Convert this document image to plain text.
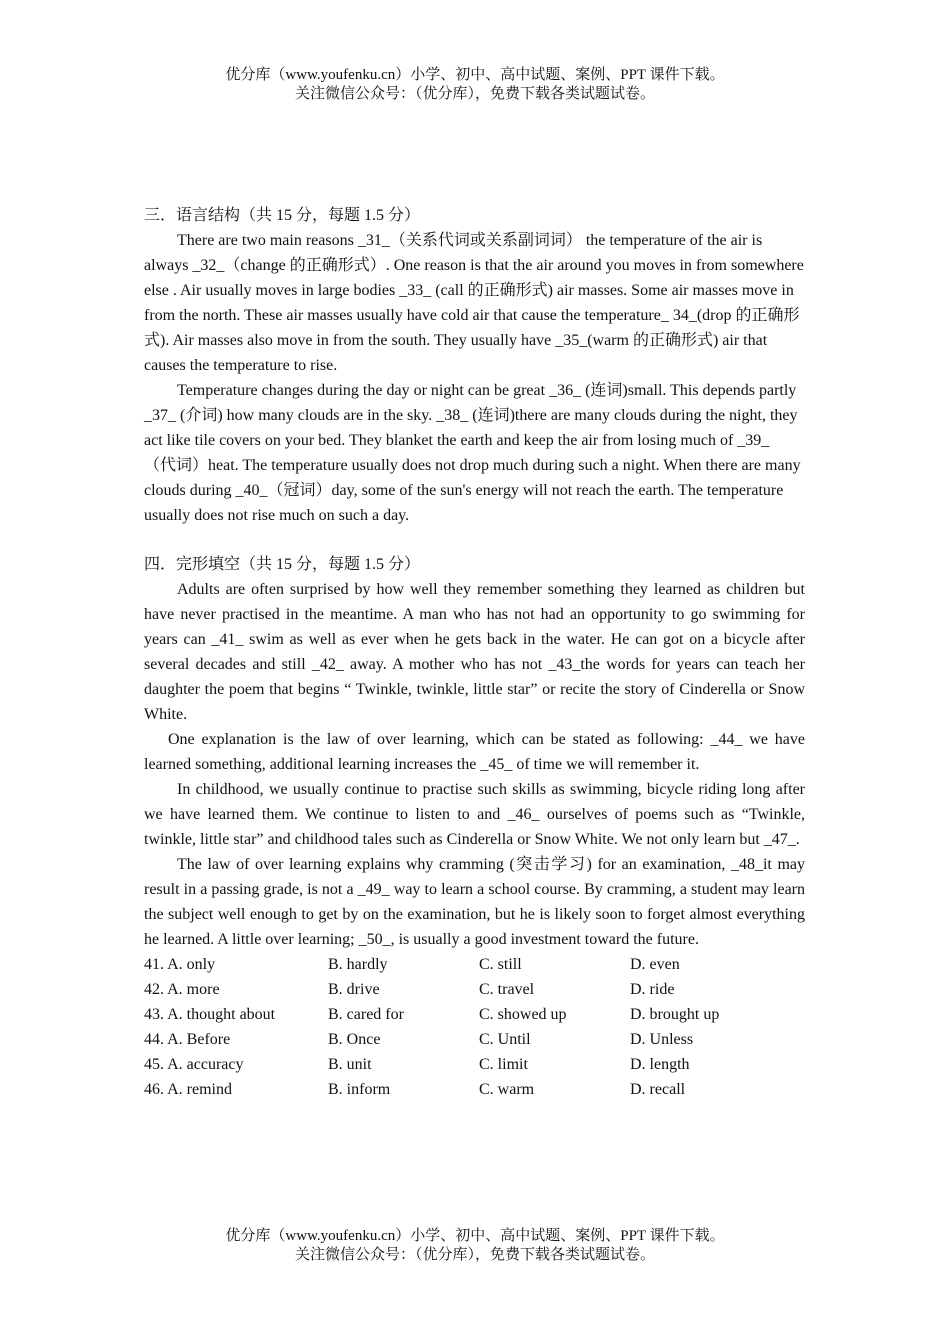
优分库（www.youfenku.cn）小学、初中、高中试题、案例、PPT 课件下载。
关注微信公众号：（优分库），免费下载各类试题试卷。
三．语言结构（共 15 分，每题 1.5 分）

There are two main reasons _31_（关系代词或关系副词词） the temperature of the air is always _32_（change 的正确形式）. One reason is that the air around you moves in from somewhere else . Air usually moves in large bodies _33_ (call 的正确形式) air masses. Some air masses move in from the north. These air masses usually have cold air that cause the temperature_ 34_(drop 的正确形式). Air masses also move in from the south. They usually have _35_(warm 的正确形式) air that causes the temperature to rise.

Temperature changes during the day or night can be great _36_ (连词)small. This depends partly _37_ (介词) how many clouds are in the sky. _38_ (连词)there are many clouds during the night, they act like tile covers on your bed. They blanket the earth and keep the air from losing much of _39_ （代词）heat. The temperature usually does not drop much during such a night. When there are many clouds during _40_（冠词）day, some of the sun's energy will not reach the earth. The temperature usually does not rise much on such a day.

四．完形填空（共 15 分，每题 1.5 分）

Adults are often surprised by how well they remember something they learned as children but have never practised in the meantime. A man who has not had an opportunity to go swimming for years can _41_ swim as well as ever when he gets back in the water. He can got on a bicycle after several decades and still _42_ away. A mother who has not _43_the words for years can teach her daughter the poem that begins “ Twinkle, twinkle, little star” or recite the story of Cinderella or Snow White.

One explanation is the law of over learning, which can be stated as following: _44_ we have learned something, additional learning increases the _45_ of time we will remember it.

In childhood, we usually continue to practise such skills as swimming, bicycle riding long after we have learned them. We continue to listen to and _46_ ourselves of poems such as “Twinkle, twinkle, little star” and childhood tales such as Cinderella or Snow White. We not only learn but _47_.

The law of over learning explains why cramming (突击学习) for an examination, _48_it may result in a passing grade, is not a _49_ way to learn a school course. By cramming, a student may learn the subject well enough to get by on the examination, but he is likely soon to forget almost everything he learned. A little over learning; _50_, is usually a good investment toward the future.

41. A. only	B. hardly	C. still	D. even
42. A. more	B. drive	C. travel	D. ride
43. A. thought about	B. cared for	C. showed up	D. brought up
44. A. Before	B. Once	C. Until	D. Unless
45. A. accuracy	B. unit	C. limit	D. length
46. A. remind	B. inform	C. warm	D. recall
优分库（www.youfenku.cn）小学、初中、高中试题、案例、PPT 课件下载。
关注微信公众号：（优分库），免费下载各类试题试卷。
